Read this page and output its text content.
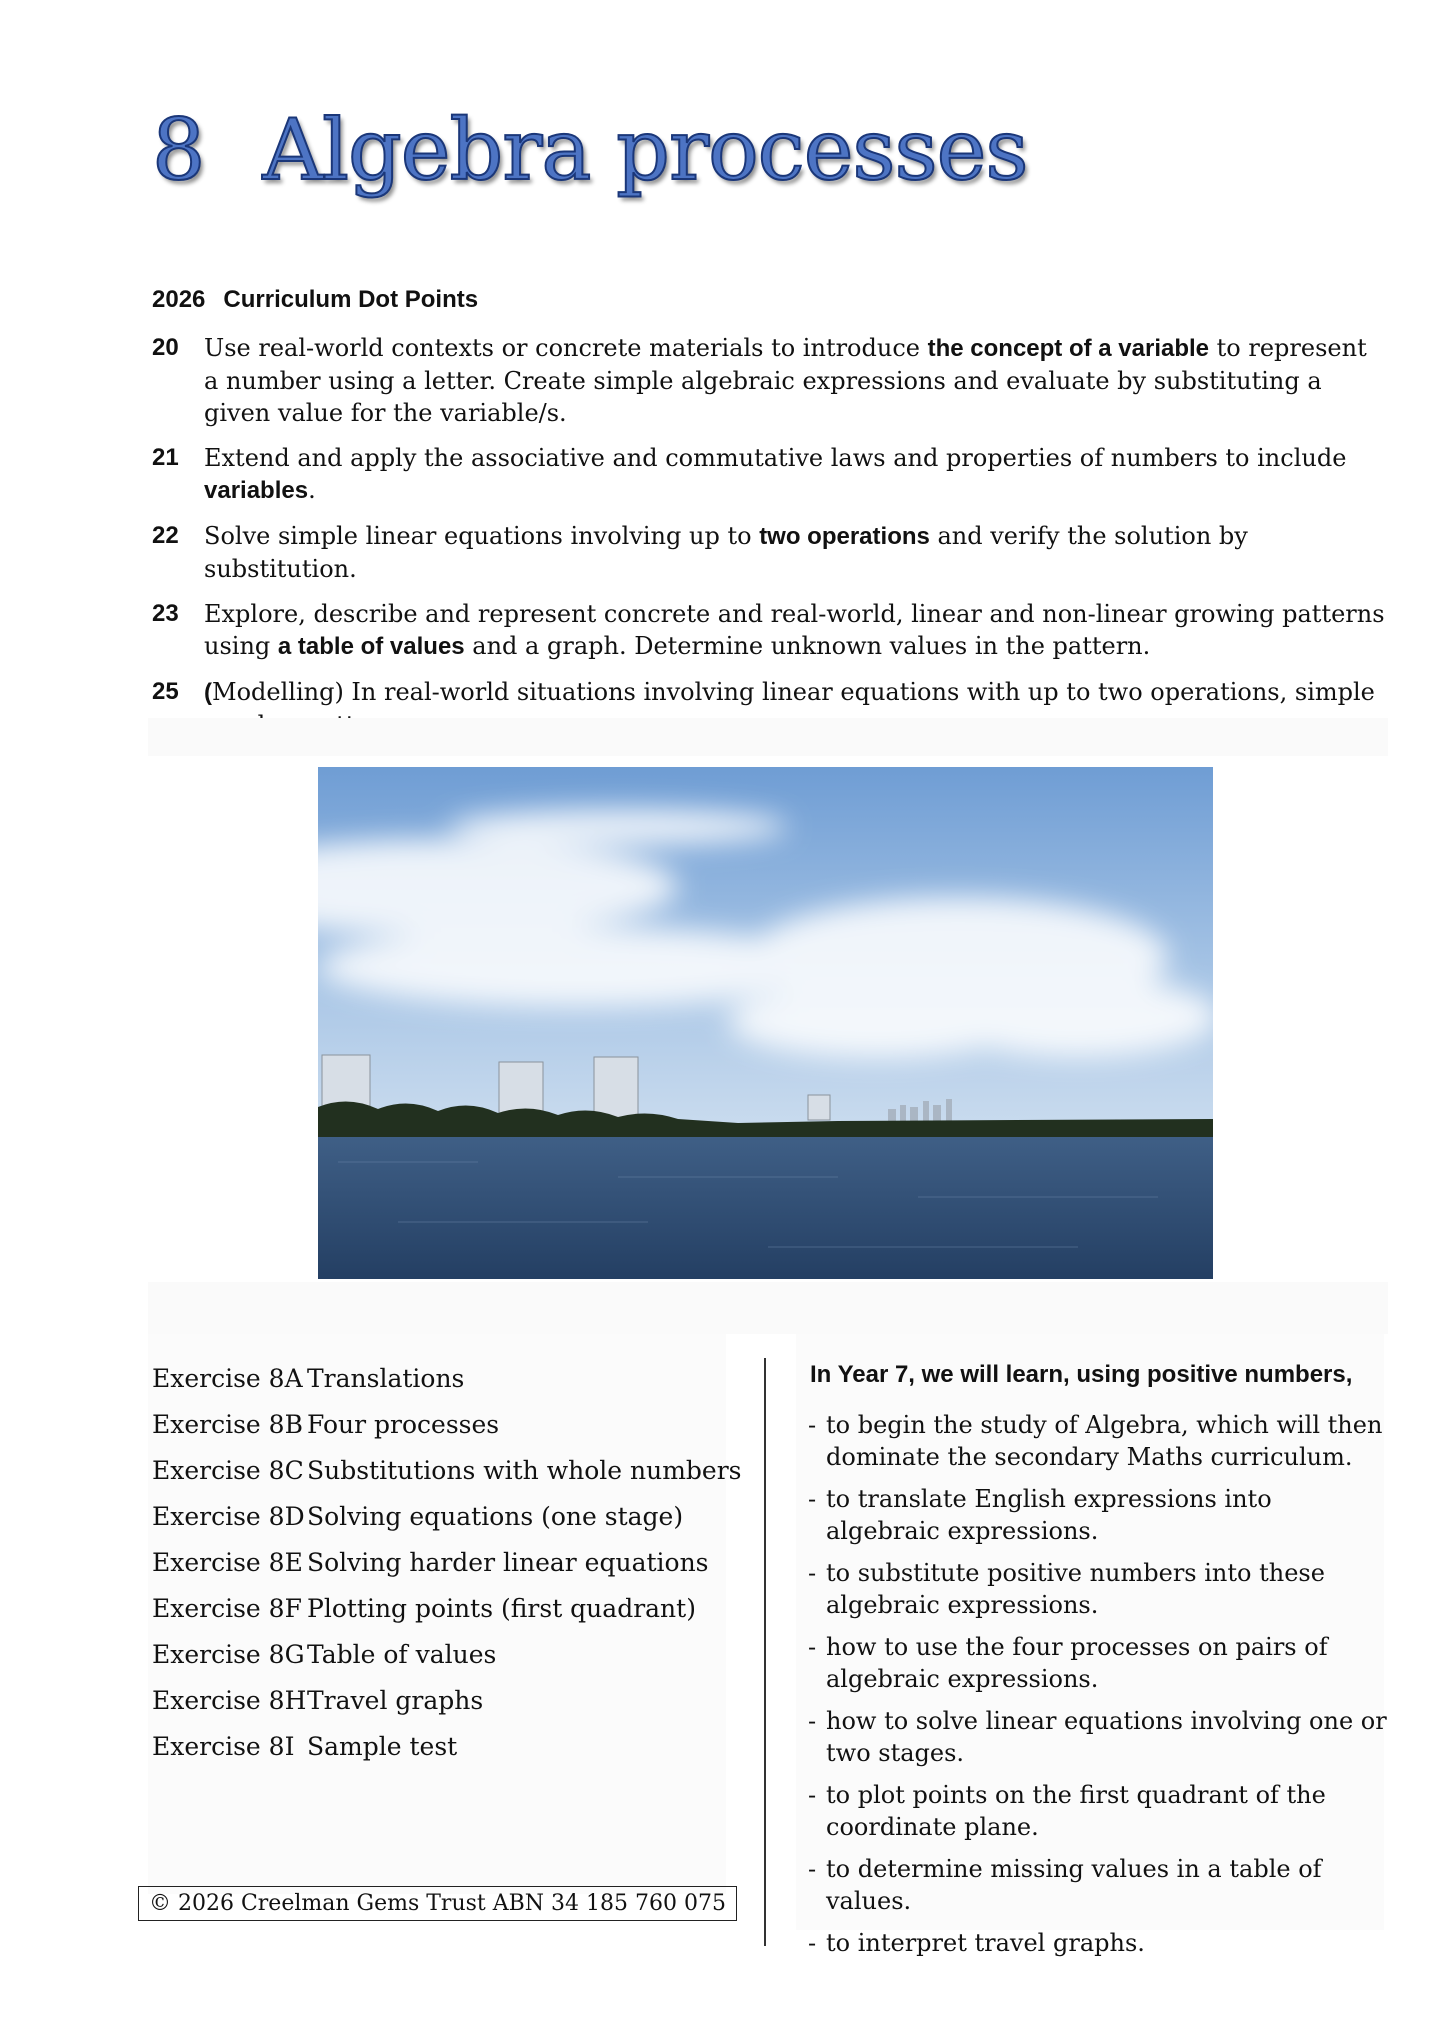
8 Algebra processes
2026 Curriculum Dot Points
20	Use real-world contexts or concrete materials to introduce the concept of a variable to represent a number using a letter. Create simple algebraic expressions and evaluate by substituting a given value for the variable/s.
21	Extend and apply the associative and commutative laws and properties of numbers to include variables.
22	Solve simple linear equations involving up to two operations and verify the solution by substitution.
23	Explore, describe and represent concrete and real-world, linear and non-linear growing patterns using a table of values and a graph. Determine unknown values in the pattern.
25	(Modelling) In real-world situations involving linear equations with up to two operations, simple
Exercise 8A Translations
Exercise 8B Four processes
Exercise 8C Substitutions with whole numbers
Exercise 8D Solving equations (one stage)
Exercise 8E Solving harder linear equations
Exercise 8F Plotting points (first quadrant)
Exercise 8G Table of values
Exercise 8H Travel graphs
Exercise 8I Sample test
In Year 7, we will learn, using positive numbers,
- to begin the study of Algebra, which will then dominate the secondary Maths curriculum.
- to translate English expressions into algebraic expressions.
- to substitute positive numbers into these algebraic expressions.
- how to use the four processes on pairs of algebraic expressions.
- how to solve linear equations involving one or two stages.
- to plot points on the first quadrant of the coordinate plane.
- to determine missing values in a table of values.
- to interpret travel graphs.
© 2026 Creelman Gems Trust ABN 34 185 760 075
